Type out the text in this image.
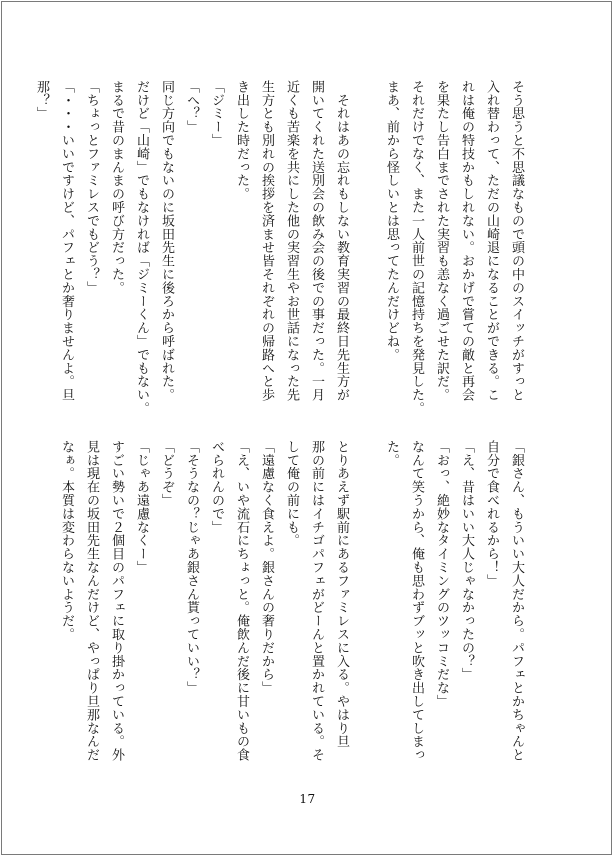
そう思うと不思議なもので頭の中のスイッチがすっと

入れ替わって、ただの山崎退になることができる。こ

れは俺の特技かもしれない。おかげで嘗ての敵と再会

を果たし告白までされた実習も恙なく過ごせた訳だ。

それだけでなく、また一人前世の記憶持ちを発見した。

まあ、前から怪しいとは思ってたんだけどね。

　それはあの忘れもしない教育実習の最終日先生方が

開いてくれた送別会の飲み会の後での事だった。一月

近くも苦楽を共にした他の実習生やお世話になった先

生方とも別れの挨拶を済ませ皆それぞれの帰路へと歩

き出した時だった。

「ジミー」

「へ？」

同じ方向でもないのに坂田先生に後ろから呼ばれた。

だけど「山崎」でもなければ「ジミーくん」でもない。

まるで昔のまんまの呼び方だった。

「ちょっとファミレスでもどう？」

「・・・いいですけど、パフェとか奢りませんよ。旦

那？」

「銀さん、もういい大人だから。パフェとかちゃんと

自分で食べれるから！」

「え、昔はいい大人じゃなかったの？」

「おっ、絶妙なタイミングのツッコミだな」

なんて笑うから、俺も思わずブッと吹き出してしまっ

た。

とりあえず駅前にあるファミレスに入る。やはり旦

那の前にはイチゴパフェがどーんと置かれている。そ

して俺の前にも。

「遠慮なく食えよ。銀さんの奢りだから」

「え、いや流石にちょっと。俺飲んだ後に甘いもの食

べられんので」

「そうなの？じゃあ銀さん貰っていい？」

「どうぞ」

「じゃあ遠慮なくー」

すごい勢いで２個目のパフェに取り掛かっている。外

見は現在の坂田先生なんだけど、やっぱり旦那なんだ

なぁ。本質は変わらないようだ。

17
